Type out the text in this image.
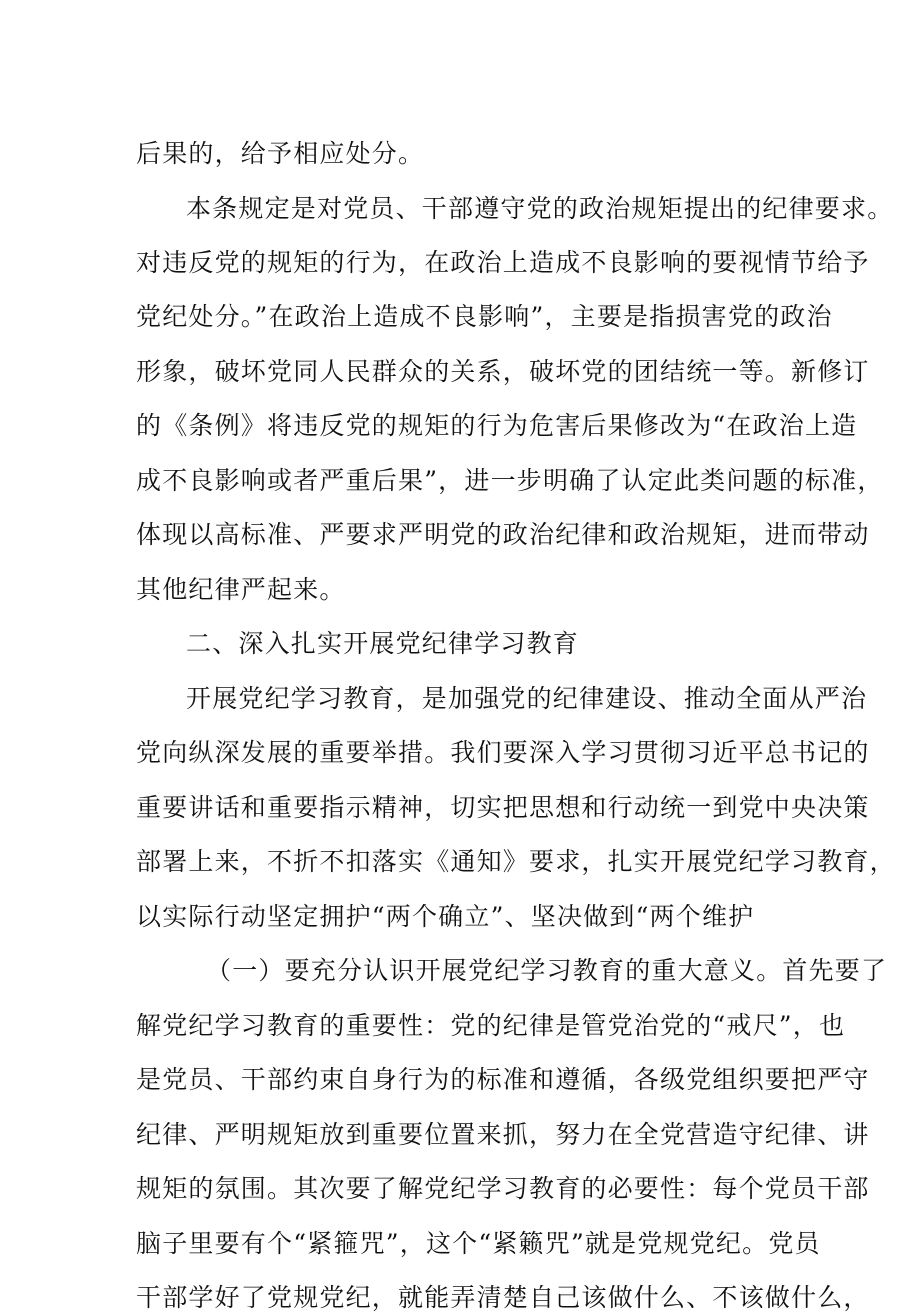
后果的，给予相应处分。

本条规定是对党员、干部遵守党的政治规矩提出的纪律要求。

对违反党的规矩的行为，在政治上造成不良影响的要视情节给予

党纪处分。”在政治上造成不良影响”，主要是指损害党的政治

形象，破坏党同人民群众的关系，破坏党的团结统一等。新修订

的《条例》将违反党的规矩的行为危害后果修改为“在政治上造

成不良影响或者严重后果”，进一步明确了认定此类问题的标准，

体现以高标准、严要求严明党的政治纪律和政治规矩，进而带动

其他纪律严起来。

二、深入扎实开展党纪律学习教育

开展党纪学习教育，是加强党的纪律建设、推动全面从严治

党向纵深发展的重要举措。我们要深入学习贯彻习近平总书记的

重要讲话和重要指示精神，切实把思想和行动统一到党中央决策

部署上来，不折不扣落实《通知》要求，扎实开展党纪学习教育，

以实际行动坚定拥护“两个确立”、坚决做到“两个维护

（一）要充分认识开展党纪学习教育的重大意义。首先要了

解党纪学习教育的重要性：党的纪律是管党治党的“戒尺”，也

是党员、干部约束自身行为的标准和遵循，各级党组织要把严守

纪律、严明规矩放到重要位置来抓，努力在全党营造守纪律、讲

规矩的氛围。其次要了解党纪学习教育的必要性：每个党员干部

脑子里要有个“紧箍咒”，这个“紧籁咒”就是党规党纪。党员

干部学好了党规党纪，就能弄清楚自己该做什么、不该做什么，
